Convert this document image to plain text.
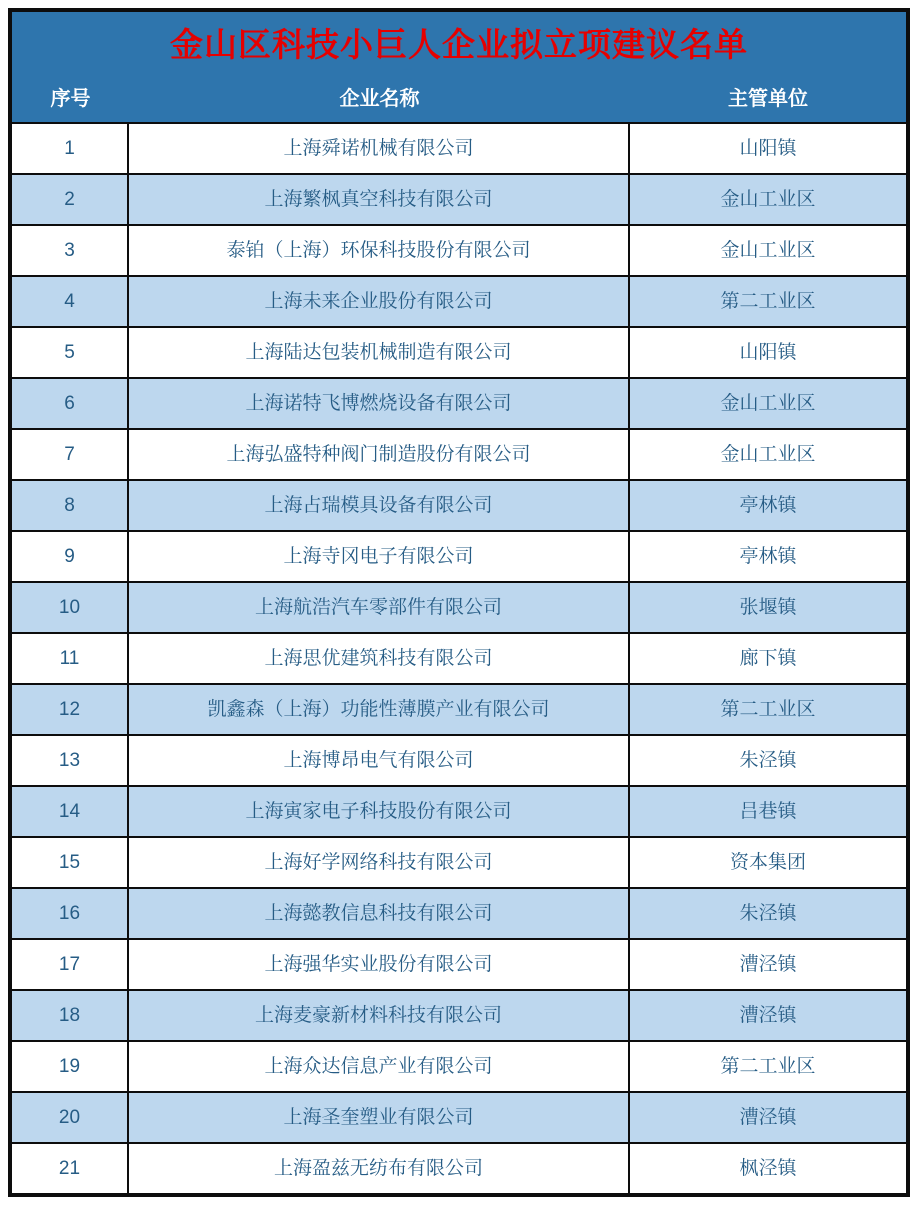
金山区科技小巨人企业拟立项建议名单
序号	企业名称	主管单位
1	上海舜诺机械有限公司	山阳镇
2	上海繁枫真空科技有限公司	金山工业区
3	泰铂（上海）环保科技股份有限公司	金山工业区
4	上海未来企业股份有限公司	第二工业区
5	上海陆达包装机械制造有限公司	山阳镇
6	上海诺特飞博燃烧设备有限公司	金山工业区
7	上海弘盛特种阀门制造股份有限公司	金山工业区
8	上海占瑞模具设备有限公司	亭林镇
9	上海寺冈电子有限公司	亭林镇
10	上海航浩汽车零部件有限公司	张堰镇
11	上海思优建筑科技有限公司	廊下镇
12	凯鑫森（上海）功能性薄膜产业有限公司	第二工业区
13	上海博昂电气有限公司	朱泾镇
14	上海寅家电子科技股份有限公司	吕巷镇
15	上海好学网络科技有限公司	资本集团
16	上海懿教信息科技有限公司	朱泾镇
17	上海强华实业股份有限公司	漕泾镇
18	上海麦豪新材料科技有限公司	漕泾镇
19	上海众达信息产业有限公司	第二工业区
20	上海圣奎塑业有限公司	漕泾镇
21	上海盈兹无纺布有限公司	枫泾镇
